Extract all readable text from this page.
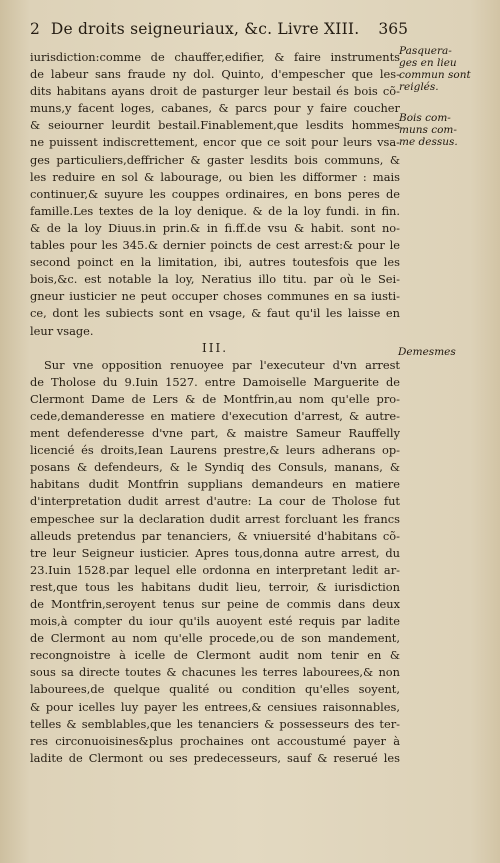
2 De droits seigneuriaux, &c. Livre XIII. 365
iurisdiction:comme de chauffer,edifier, & faire instruments
de labeur sans fraude ny dol. Quinto, d'empescher que les-
dits habitans ayans droit de pasturger leur bestail és bois cõ-
muns,y facent loges, cabanes, & parcs pour y faire coucher
& seiourner leurdit bestail.Finablement,que lesdits hommes
ne puissent indiscrettement, encor que ce soit pour leurs vsa-
ges particuliers,deffricher & gaster lesdits bois communs, &
les reduire en sol & labourage, ou bien les difformer : mais
continuer,& suyure les couppes ordinaires, en bons peres de
famille.Les textes de la loy denique. & de la loy fundi. in fin.
& de la loy Diuus.in prin.& in fi.ff.de vsu & habit. sont no-
tables pour les 345.& dernier poincts de cest arrest:& pour le
second poinct en la limitation, ibi, autres toutesfois que les
bois,&c. est notable la loy, Neratius illo titu. par où le Sei-
gneur iusticier ne peut occuper choses communes en sa iusti-
ce, dont les subiects sont en vsage, & faut qu'il les laisse en
leur vsage.
III.
Sur vne opposition renuoyee par l'executeur d'vn arrest
de Tholose du 9.Iuin 1527. entre Damoiselle Marguerite de
Clermont Dame de Lers & de Montfrin,au nom qu'elle pro-
cede,demanderesse en matiere d'execution d'arrest, & autre-
ment defenderesse d'vne part, & maistre Sameur Rauffelly
licencié és droits,Iean Laurens prestre,& leurs adherans op-
posans & defendeurs, & le Syndiq des Consuls, manans, &
habitans dudit Montfrin supplians demandeurs en matiere
d'interpretation dudit arrest d'autre: La cour de Tholose fut
empeschee sur la declaration dudit arrest forcluant les francs
alleuds pretendus par tenanciers, & vniuersité d'habitans cõ-
tre leur Seigneur iusticier. Apres tous,donna autre arrest, du
23.Iuin 1528.par lequel elle ordonna en interpretant ledit ar-
rest,que tous les habitans dudit lieu, terroir, & iurisdiction
de Montfrin,seroyent tenus sur peine de commis dans deux
mois,à compter du iour qu'ils auoyent esté requis par ladite
de Clermont au nom qu'elle procede,ou de son mandement,
recongnoistre à icelle de Clermont audit nom tenir en &
sous sa directe toutes & chacunes les terres labourees,& non
labourees,de quelque qualité ou condition qu'elles soyent,
& pour icelles luy payer les entrees,& censiues raisonnables,
telles & semblables,que les tenanciers & possesseurs des ter-
res circonuoisines&plus prochaines ont accoustumé payer à
ladite de Clermont ou ses predecesseurs, sauf & reserué les
Pasquera-
ges en lieu
commun sont
reiglés.
Bois com-
muns com-
me dessus.
Demesmes
